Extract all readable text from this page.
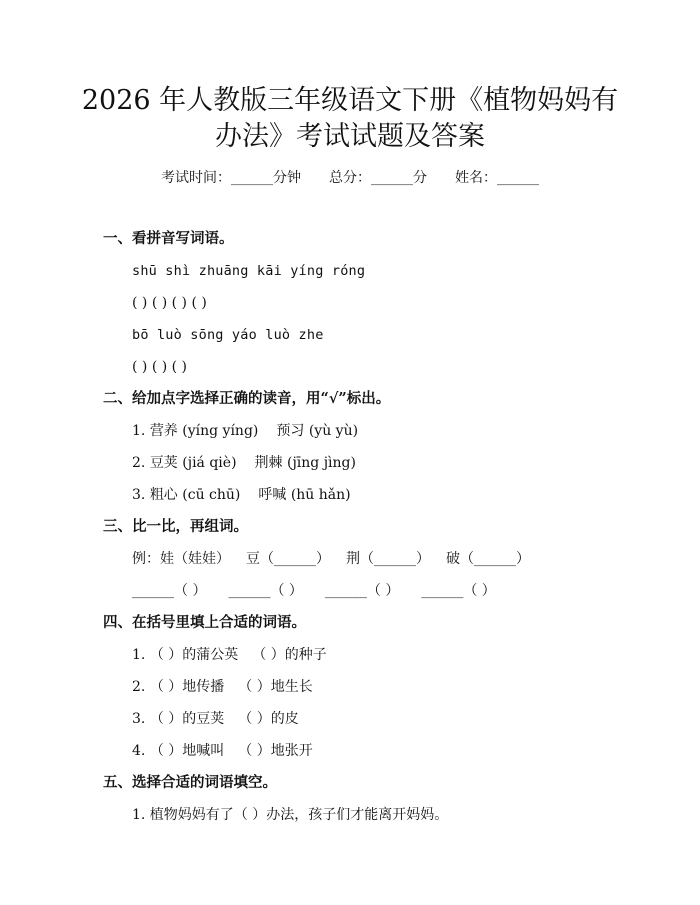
2026 年人教版三年级语文下册《植物妈妈有
办法》考试试题及答案
考试时间：______分钟 总分：______分 姓名：______
一、看拼音写词语。
shū shì zhuāng kāi yíng róng
( ) ( ) ( ) ( )
bō luò sōng yáo luò zhe
( ) ( ) ( )
二、给加点字选择正确的读音，用“√”标出。
1. 营养 (yíng yíng) 预习 (yù yù)
2. 豆荚 (jiá qiè) 荆棘 (jīng jìng)
3. 粗心 (cū chū) 呼喊 (hū hǎn)
三、比一比，再组词。
例：娃（娃娃） 豆（______） 荆（______） 破（______）
______（ ） ______（ ） ______（ ） ______（ ）
四、在括号里填上合适的词语。
1. （ ）的蒲公英 （ ）的种子
2. （ ）地传播 （ ）地生长
3. （ ）的豆荚 （ ）的皮
4. （ ）地喊叫 （ ）地张开
五、选择合适的词语填空。
1. 植物妈妈有了（ ）办法，孩子们才能离开妈妈。
